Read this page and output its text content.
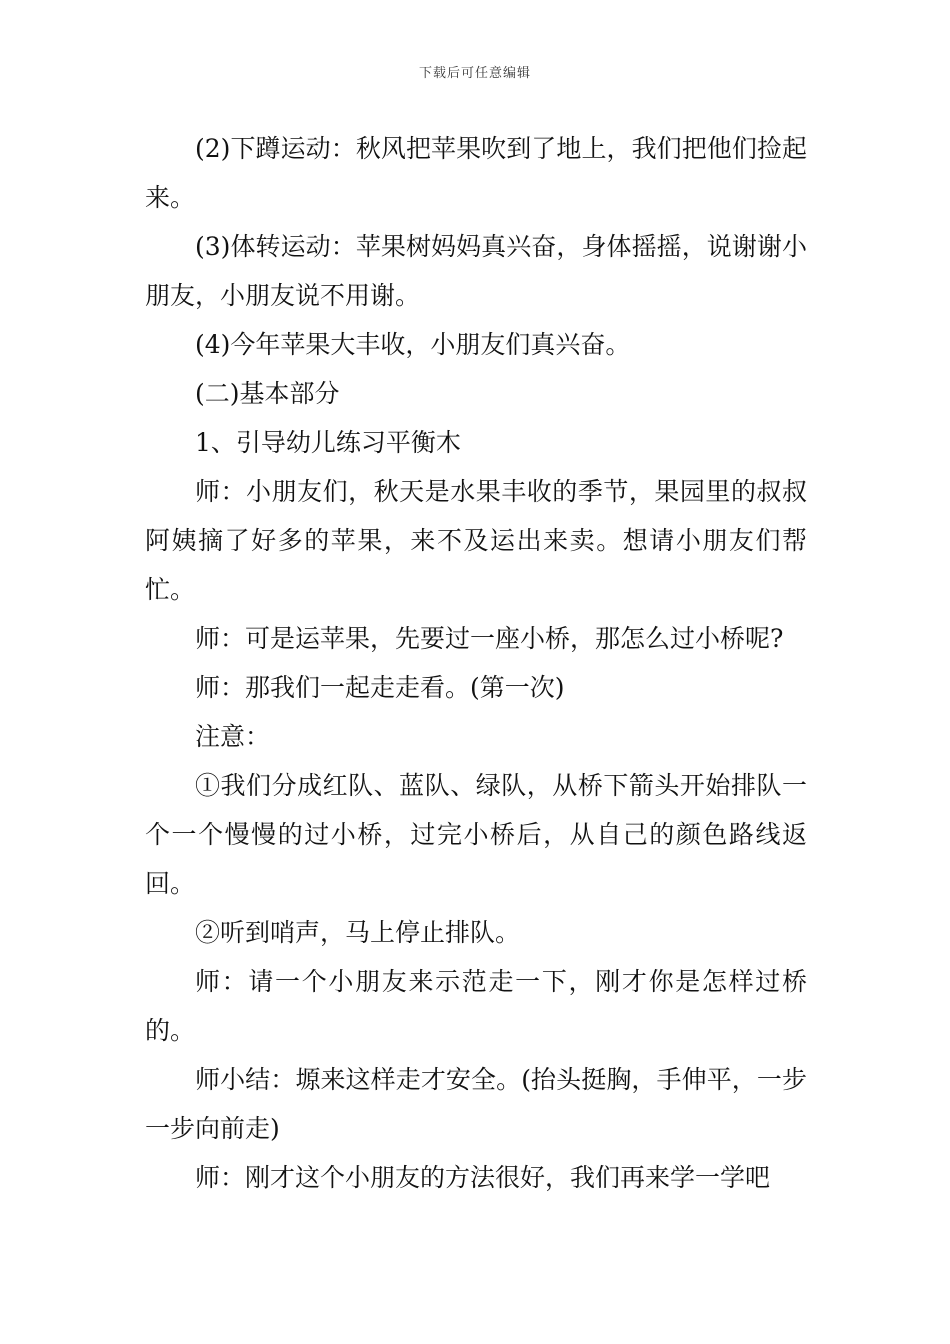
下载后可任意编辑

(2)下蹲运动：秋风把苹果吹到了地上，我们把他们捡起来。

(3)体转运动：苹果树妈妈真兴奋，身体摇摇，说谢谢小朋友，小朋友说不用谢。

(4)今年苹果大丰收，小朋友们真兴奋。

(二)基本部分

1、引导幼儿练习平衡木

师：小朋友们，秋天是水果丰收的季节，果园里的叔叔阿姨摘了好多的苹果，来不及运出来卖。想请小朋友们帮忙。

师：可是运苹果，先要过一座小桥，那怎么过小桥呢?

师：那我们一起走走看。(第一次)

注意：

①我们分成红队、蓝队、绿队，从桥下箭头开始排队一个一个慢慢的过小桥，过完小桥后，从自己的颜色路线返回。

②听到哨声，马上停止排队。

师：请一个小朋友来示范走一下，刚才你是怎样过桥的。

师小结：塬来这样走才安全。(抬头挺胸，手伸平，一步一步向前走)

师：刚才这个小朋友的方法很好，我们再来学一学吧
